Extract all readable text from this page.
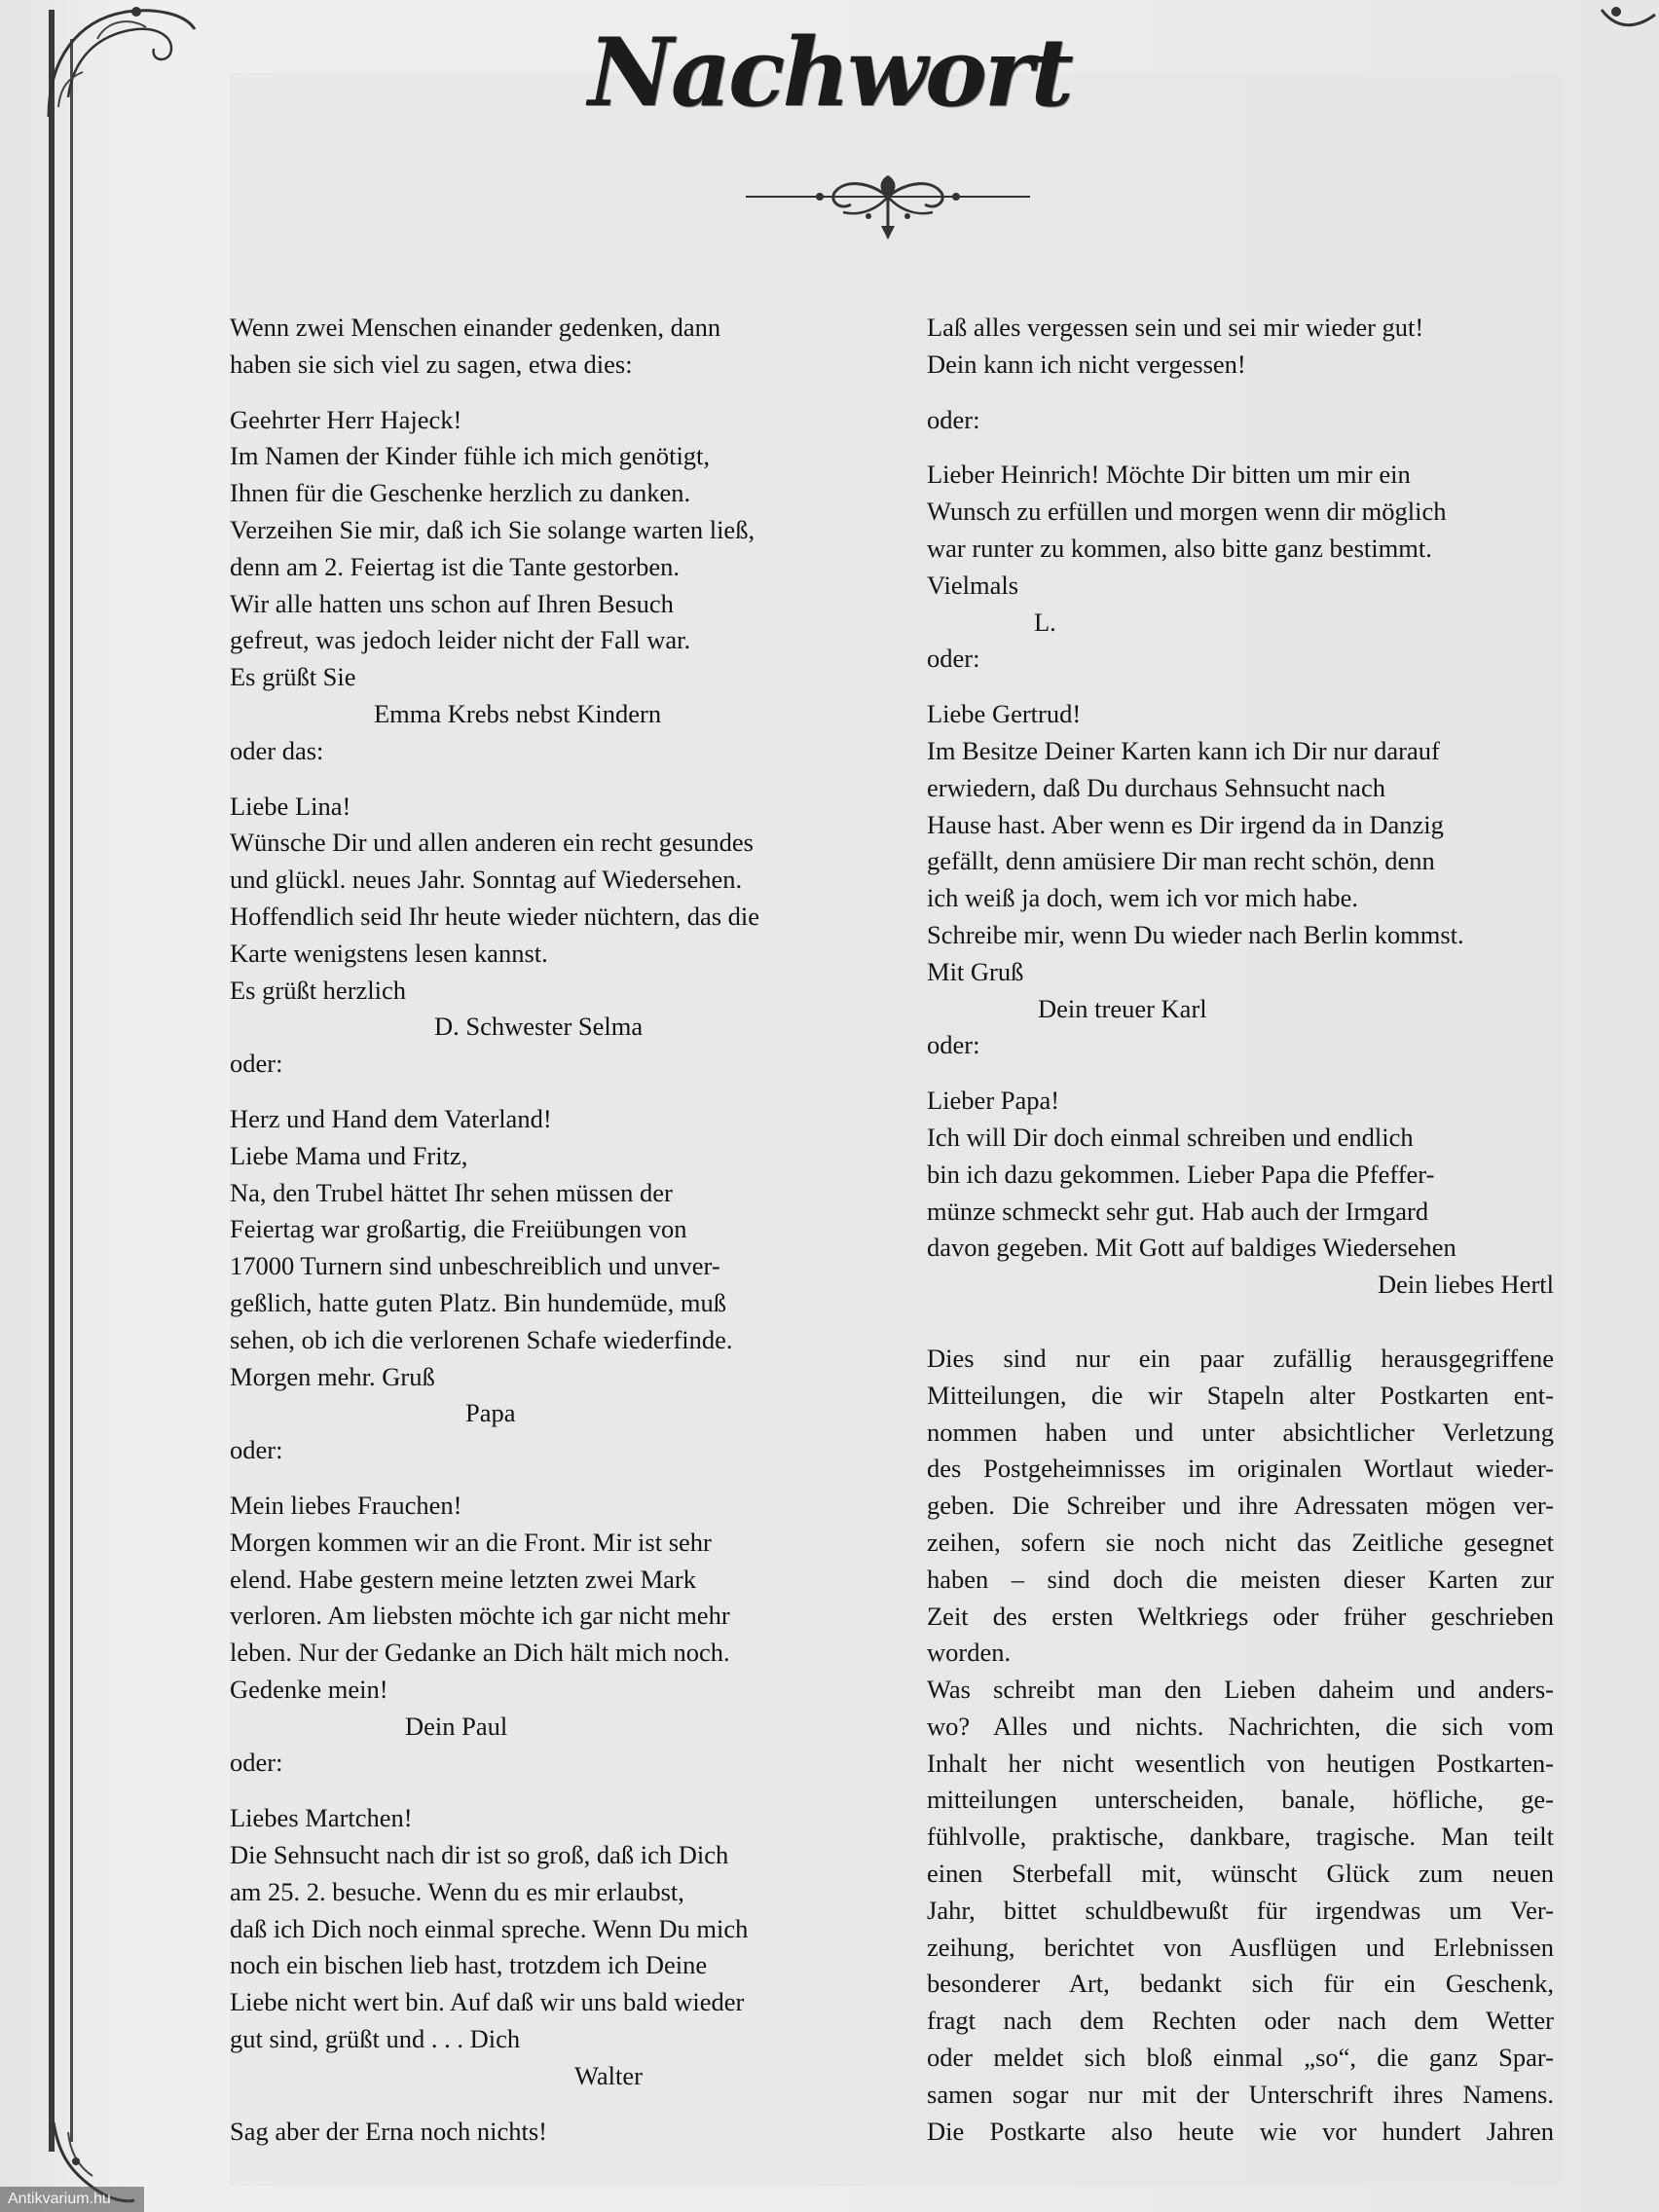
Nachwort

Wenn zwei Menschen einander gedenken, dann

haben sie sich viel zu sagen, etwa dies:

Geehrter Herr Hajeck!

Im Namen der Kinder fühle ich mich genötigt,

Ihnen für die Geschenke herzlich zu danken.

Verzeihen Sie mir, daß ich Sie solange warten ließ,

denn am 2. Feiertag ist die Tante gestorben.

Wir alle hatten uns schon auf Ihren Besuch

gefreut, was jedoch leider nicht der Fall war.

Es grüßt Sie

Emma Krebs nebst Kindern

oder das:

Liebe Lina!

Wünsche Dir und allen anderen ein recht gesundes

und glückl. neues Jahr. Sonntag auf Wiedersehen.

Hoffendlich seid Ihr heute wieder nüchtern, das die

Karte wenigstens lesen kannst.

Es grüßt herzlich

D. Schwester Selma

oder:

Herz und Hand dem Vaterland!

Liebe Mama und Fritz,

Na, den Trubel hättet Ihr sehen müssen der

Feiertag war großartig, die Freiübungen von

17000 Turnern sind unbeschreiblich und unver-

geßlich, hatte guten Platz. Bin hundemüde, muß

sehen, ob ich die verlorenen Schafe wiederfinde.

Morgen mehr. Gruß

Papa

oder:

Mein liebes Frauchen!

Morgen kommen wir an die Front. Mir ist sehr

elend. Habe gestern meine letzten zwei Mark

verloren. Am liebsten möchte ich gar nicht mehr

leben. Nur der Gedanke an Dich hält mich noch.

Gedenke mein!

Dein Paul

oder:

Liebes Martchen!

Die Sehnsucht nach dir ist so groß, daß ich Dich

am 25. 2. besuche. Wenn du es mir erlaubst,

daß ich Dich noch einmal spreche. Wenn Du mich

noch ein bischen lieb hast, trotzdem ich Deine

Liebe nicht wert bin. Auf daß wir uns bald wieder

gut sind, grüßt und . . . Dich

Walter

Sag aber der Erna noch nichts!

Laß alles vergessen sein und sei mir wieder gut!

Dein kann ich nicht vergessen!

oder:

Lieber Heinrich! Möchte Dir bitten um mir ein

Wunsch zu erfüllen und morgen wenn dir möglich

war runter zu kommen, also bitte ganz bestimmt.

Vielmals

L.

oder:

Liebe Gertrud!

Im Besitze Deiner Karten kann ich Dir nur darauf

erwiedern, daß Du durchaus Sehnsucht nach

Hause hast. Aber wenn es Dir irgend da in Danzig

gefällt, denn amüsiere Dir man recht schön, denn

ich weiß ja doch, wem ich vor mich habe.

Schreibe mir, wenn Du wieder nach Berlin kommst.

Mit Gruß

Dein treuer Karl

oder:

Lieber Papa!

Ich will Dir doch einmal schreiben und endlich

bin ich dazu gekommen. Lieber Papa die Pfeffer-

münze schmeckt sehr gut. Hab auch der Irmgard

davon gegeben. Mit Gott auf baldiges Wiedersehen

Dein liebes Hertl

Dies sind nur ein paar zufällig herausgegriffene

Mitteilungen, die wir Stapeln alter Postkarten ent-

nommen haben und unter absichtlicher Verletzung

des Postgeheimnisses im originalen Wortlaut wieder-

geben. Die Schreiber und ihre Adressaten mögen ver-

zeihen, sofern sie noch nicht das Zeitliche gesegnet

haben – sind doch die meisten dieser Karten zur

Zeit des ersten Weltkriegs oder früher geschrieben

worden.

Was schreibt man den Lieben daheim und anders-

wo? Alles und nichts. Nachrichten, die sich vom

Inhalt her nicht wesentlich von heutigen Postkarten-

mitteilungen unterscheiden, banale, höfliche, ge-

fühlvolle, praktische, dankbare, tragische. Man teilt

einen Sterbefall mit, wünscht Glück zum neuen

Jahr, bittet schuldbewußt für irgendwas um Ver-

zeihung, berichtet von Ausflügen und Erlebnissen

besonderer Art, bedankt sich für ein Geschenk,

fragt nach dem Rechten oder nach dem Wetter

oder meldet sich bloß einmal „so“, die ganz Spar-

samen sogar nur mit der Unterschrift ihres Namens.

Die Postkarte also heute wie vor hundert Jahren

Antikvarium.hu
